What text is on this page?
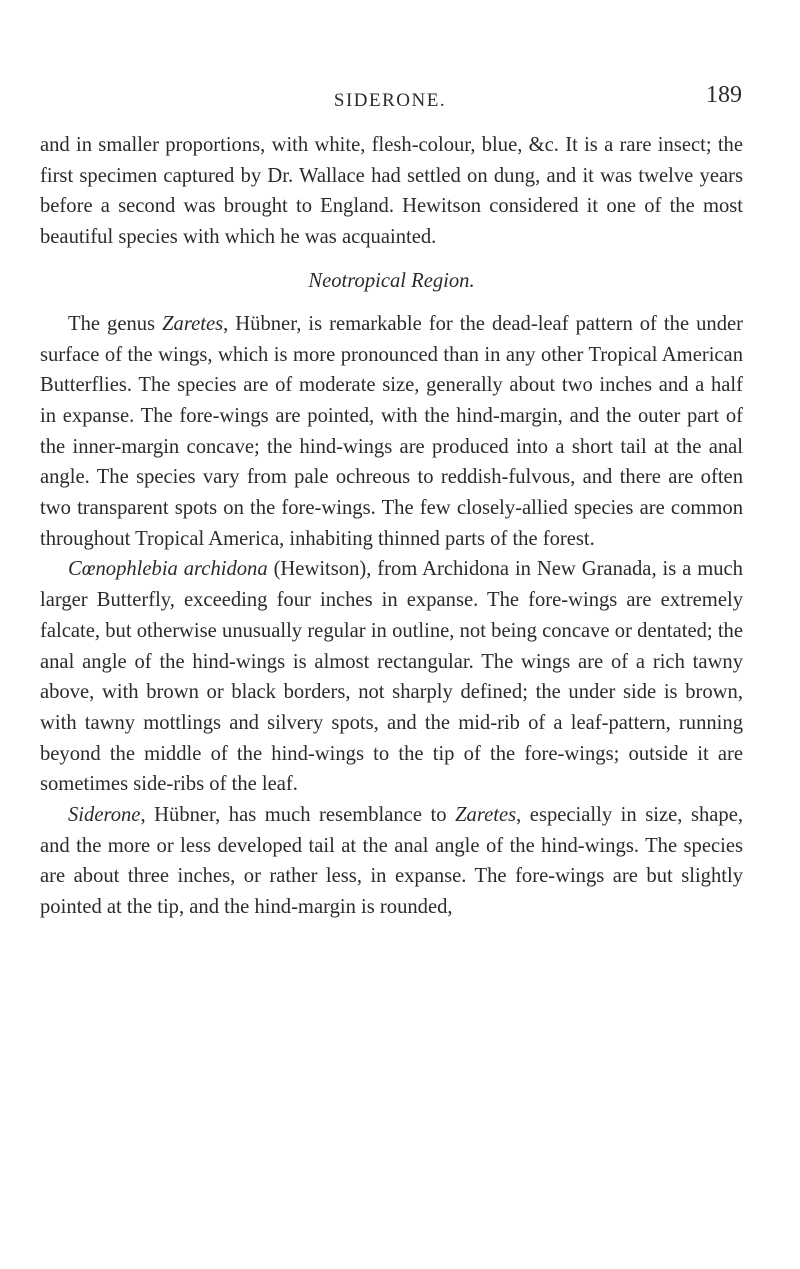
SIDERONE.	189

and in smaller proportions, with white, flesh-colour, blue, &c. It is a rare insect; the first specimen captured by Dr. Wallace had settled on dung, and it was twelve years before a second was brought to England. Hewitson considered it one of the most beautiful species with which he was acquainted.

Neotropical Region.

The genus Zaretes, Hübner, is remarkable for the dead-leaf pattern of the under surface of the wings, which is more pronounced than in any other Tropical American Butterflies. The species are of moderate size, generally about two inches and a half in expanse. The fore-wings are pointed, with the hind-margin, and the outer part of the inner-margin concave; the hind-wings are produced into a short tail at the anal angle. The species vary from pale ochreous to reddish-fulvous, and there are often two transparent spots on the fore-wings. The few closely-allied species are common throughout Tropical America, inhabiting thinned parts of the forest.

Cœnophlebia archidona (Hewitson), from Archidona in New Granada, is a much larger Butterfly, exceeding four inches in expanse. The fore-wings are extremely falcate, but otherwise unusually regular in outline, not being concave or dentated; the anal angle of the hind-wings is almost rectangular. The wings are of a rich tawny above, with brown or black borders, not sharply defined; the under side is brown, with tawny mottlings and silvery spots, and the mid-rib of a leaf-pattern, running beyond the middle of the hind-wings to the tip of the fore-wings; outside it are sometimes side-ribs of the leaf.

Siderone, Hübner, has much resemblance to Zaretes, especially in size, shape, and the more or less developed tail at the anal angle of the hind-wings. The species are about three inches, or rather less, in expanse. The fore-wings are but slightly pointed at the tip, and the hind-margin is rounded,
